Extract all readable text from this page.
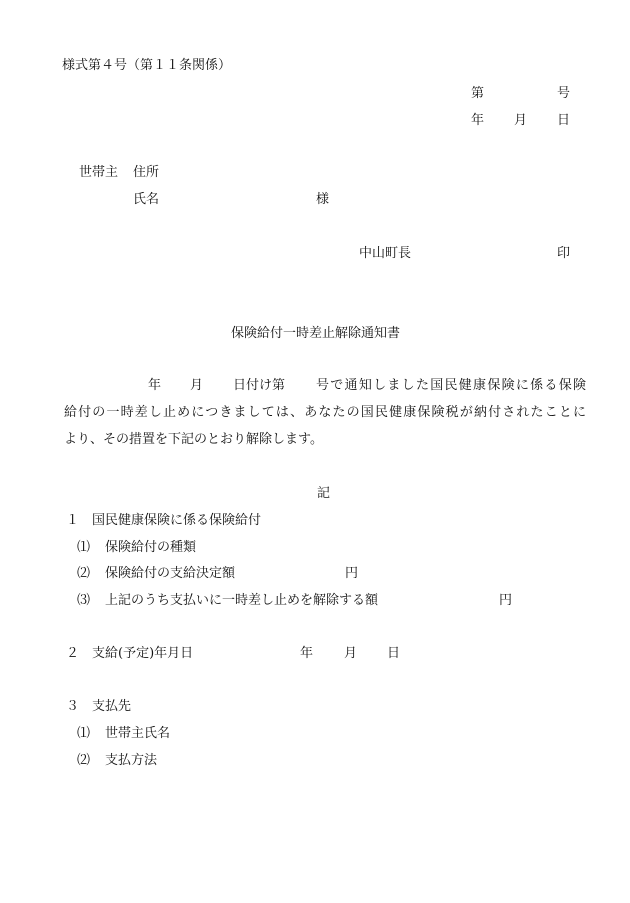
様式第４号（第１１条関係）
第	号
年 月 日
世帯主 住所
氏名	様
中山町長	印
保険給付一時差止解除通知書
年 月 日付け第 号で通知しました国民健康保険に係る保険
給付の一時差し止めにつきましては、あなたの国民健康保険税が納付されたことに
より、その措置を下記のとおり解除します。
記
１ 国民健康保険に係る保険給付
⑴ 保険給付の種類
⑵ 保険給付の支給決定額	円
⑶ 上記のうち支払いに一時差し止めを解除する額	円
２ 支給(予定)年月日	年 月 日
３ 支払先
⑴ 世帯主氏名
⑵ 支払方法
